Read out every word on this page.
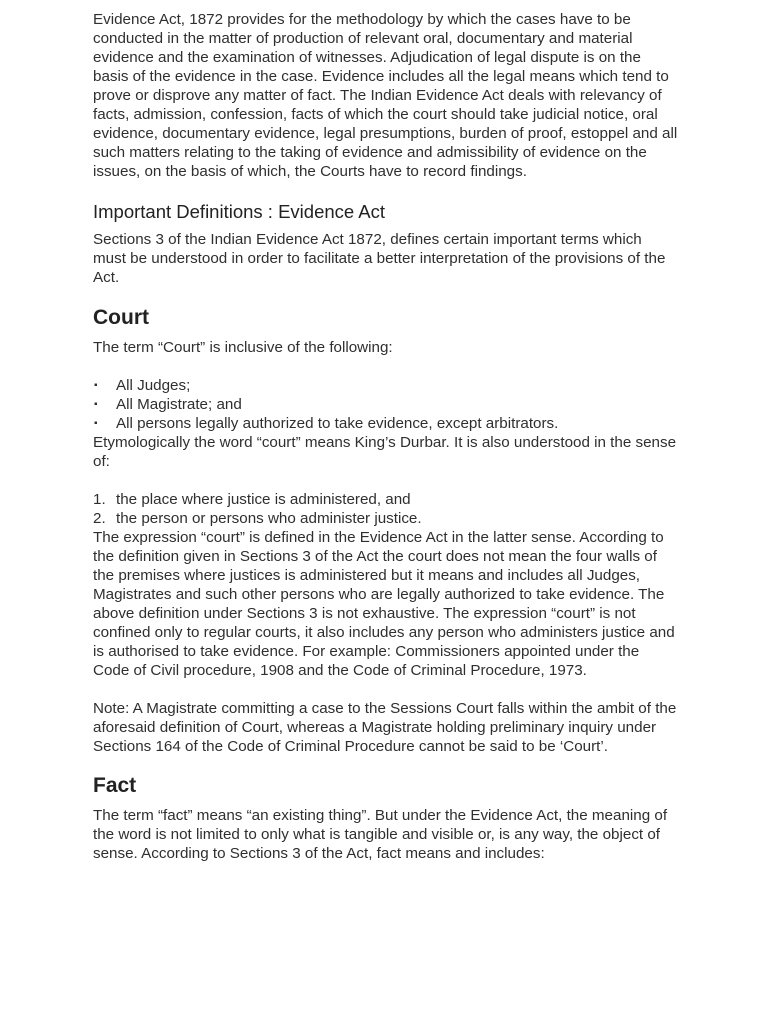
Evidence Act, 1872 provides for the methodology by which the cases have to be conducted in the matter of production of relevant oral, documentary and material evidence and the examination of witnesses. Adjudication of legal dispute is on the basis of the evidence in the case. Evidence includes all the legal means which tend to prove or disprove any matter of fact. The Indian Evidence Act deals with relevancy of facts, admission, confession, facts of which the court should take judicial notice, oral evidence, documentary evidence, legal presumptions, burden of proof, estoppel and all such matters relating to the taking of evidence and admissibility of evidence on the issues, on the basis of which, the Courts have to record findings.

Important Definitions : Evidence Act

Sections 3 of the Indian Evidence Act 1872, defines certain important terms which must be understood in order to facilitate a better interpretation of the provisions of the Act.

Court

The term “Court” is inclusive of the following:

▪ All Judges;
▪ All Magistrate; and
▪ All persons legally authorized to take evidence, except arbitrators.

Etymologically the word “court” means King’s Durbar. It is also understood in the sense of:

1. the place where justice is administered, and
2. the person or persons who administer justice.

The expression “court” is defined in the Evidence Act in the latter sense. According to the definition given in Sections 3 of the Act the court does not mean the four walls of the premises where justices is administered but it means and includes all Judges, Magistrates and such other persons who are legally authorized to take evidence. The above definition under Sections 3 is not exhaustive. The expression “court” is not confined only to regular courts, it also includes any person who administers justice and is authorised to take evidence. For example: Commissioners appointed under the Code of Civil procedure, 1908 and the Code of Criminal Procedure, 1973.

Note: A Magistrate committing a case to the Sessions Court falls within the ambit of the aforesaid definition of Court, whereas a Magistrate holding preliminary inquiry under Sections 164 of the Code of Criminal Procedure cannot be said to be ‘Court’.

Fact

The term “fact” means “an existing thing”. But under the Evidence Act, the meaning of the word is not limited to only what is tangible and visible or, is any way, the object of sense. According to Sections 3 of the Act, fact means and includes:
